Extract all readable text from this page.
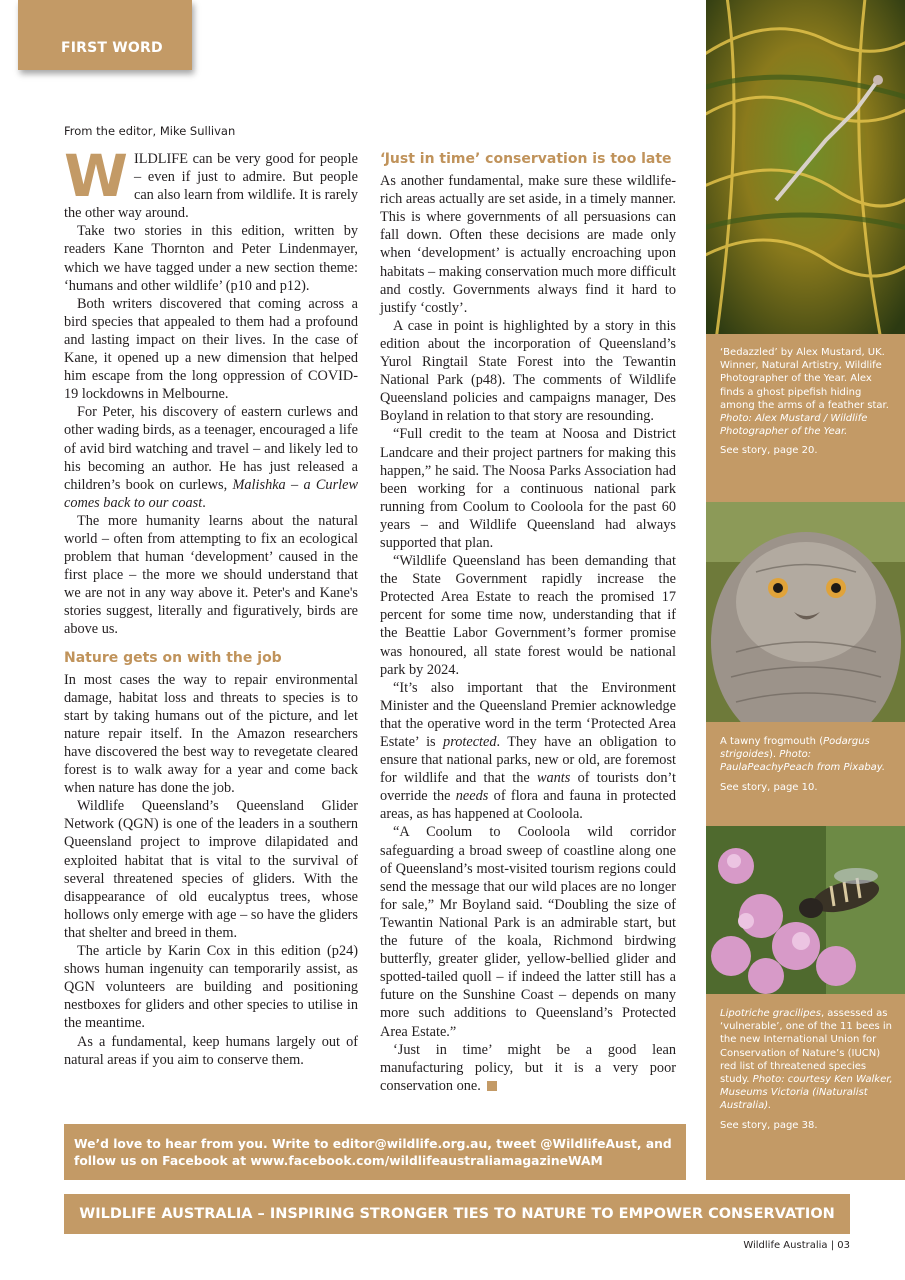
FIRST WORD
From the editor, Mike Sullivan

WILDLIFE can be very good for people – even if just to admire. But people can also learn from wildlife. It is rarely the other way around.

Take two stories in this edition, written by readers Kane Thornton and Peter Lindenmayer, which we have tagged under a new section theme: ‘humans and other wildlife’ (p10 and p12).

Both writers discovered that coming across a bird species that appealed to them had a profound and lasting impact on their lives. In the case of Kane, it opened up a new dimension that helped him escape from the long oppression of COVID-19 lockdowns in Melbourne.

For Peter, his discovery of eastern curlews and other wading birds, as a teenager, encouraged a life of avid bird watching and travel – and likely led to his becoming an author. He has just released a children’s book on curlews, Malishka – a Curlew comes back to our coast.

The more humanity learns about the natural world – often from attempting to fix an ecological problem that human ‘development’ caused in the first place – the more we should understand that we are not in any way above it. Peter's and Kane's stories suggest, literally and figuratively, birds are above us.

Nature gets on with the job

In most cases the way to repair environmental damage, habitat loss and threats to species is to start by taking humans out of the picture, and let nature repair itself. In the Amazon researchers have discovered the best way to revegetate cleared forest is to walk away for a year and come back when nature has done the job.

Wildlife Queensland’s Queensland Glider Network (QGN) is one of the leaders in a southern Queensland project to improve dilapidated and exploited habitat that is vital to the survival of several threatened species of gliders. With the disappearance of old eucalyptus trees, whose hollows only emerge with age – so have the gliders that shelter and breed in them.

The article by Karin Cox in this edition (p24) shows human ingenuity can temporarily assist, as QGN volunteers are building and positioning nestboxes for gliders and other species to utilise in the meantime.

As a fundamental, keep humans largely out of natural areas if you aim to conserve them.

‘Just in time’ conservation is too late

As another fundamental, make sure these wildlife-rich areas actually are set aside, in a timely manner. This is where governments of all persuasions can fall down. Often these decisions are made only when ‘development’ is actually encroaching upon habitats – making conservation much more difficult and costly. Governments always find it hard to justify ‘costly’.

A case in point is highlighted by a story in this edition about the incorporation of Queensland’s Yurol Ringtail State Forest into the Tewantin National Park (p48). The comments of Wildlife Queensland policies and campaigns manager, Des Boyland in relation to that story are resounding.

“Full credit to the team at Noosa and District Landcare and their project partners for making this happen,” he said. The Noosa Parks Association had been working for a continuous national park running from Coolum to Cooloola for the past 60 years – and Wildlife Queensland had always supported that plan.

“Wildlife Queensland has been demanding that the State Government rapidly increase the Protected Area Estate to reach the promised 17 percent for some time now, understanding that if the Beattie Labor Government’s former promise was honoured, all state forest would be national park by 2024.

“It’s also important that the Environment Minister and the Queensland Premier acknowledge that the operative word in the term ‘Protected Area Estate’ is protected. They have an obligation to ensure that national parks, new or old, are foremost for wildlife and that the wants of tourists don’t override the needs of flora and fauna in protected areas, as has happened at Cooloola.

“A Coolum to Cooloola wild corridor safeguarding a broad sweep of coastline along one of Queensland’s most-visited tourism regions could send the message that our wild places are no longer for sale,” Mr Boyland said. “Doubling the size of Tewantin National Park is an admirable start, but the future of the koala, Richmond birdwing butterfly, greater glider, yellow-bellied glider and spotted-tailed quoll – if indeed the latter still has a future on the Sunshine Coast – depends on many more such additions to Queensland’s Protected Area Estate.”

‘Just in time’ might be a good lean manufacturing policy, but it is a very poor conservation one.

‘Bedazzled’ by Alex Mustard, UK. Winner, Natural Artistry, Wildlife Photographer of the Year. Alex finds a ghost pipefish hiding among the arms of a feather star. Photo: Alex Mustard / Wildlife Photographer of the Year.
See story, page 20.
A tawny frogmouth (Podargus strigoides). Photo: PaulaPeachyPeach from Pixabay.
See story, page 10.
Lipotriche gracilipes, assessed as ‘vulnerable’, one of the 11 bees in the new International Union for Conservation of Nature’s (IUCN) red list of threatened species study. Photo: courtesy Ken Walker, Museums Victoria (iNaturalist Australia).
See story, page 38.

We’d love to hear from you. Write to editor@wildlife.org.au, tweet @WildlifeAust, and follow us on Facebook at www.facebook.com/wildlifeaustraliamagazineWAM

WILDLIFE AUSTRALIA – INSPIRING STRONGER TIES TO NATURE TO EMPOWER CONSERVATION
Wildlife Australia | 03
